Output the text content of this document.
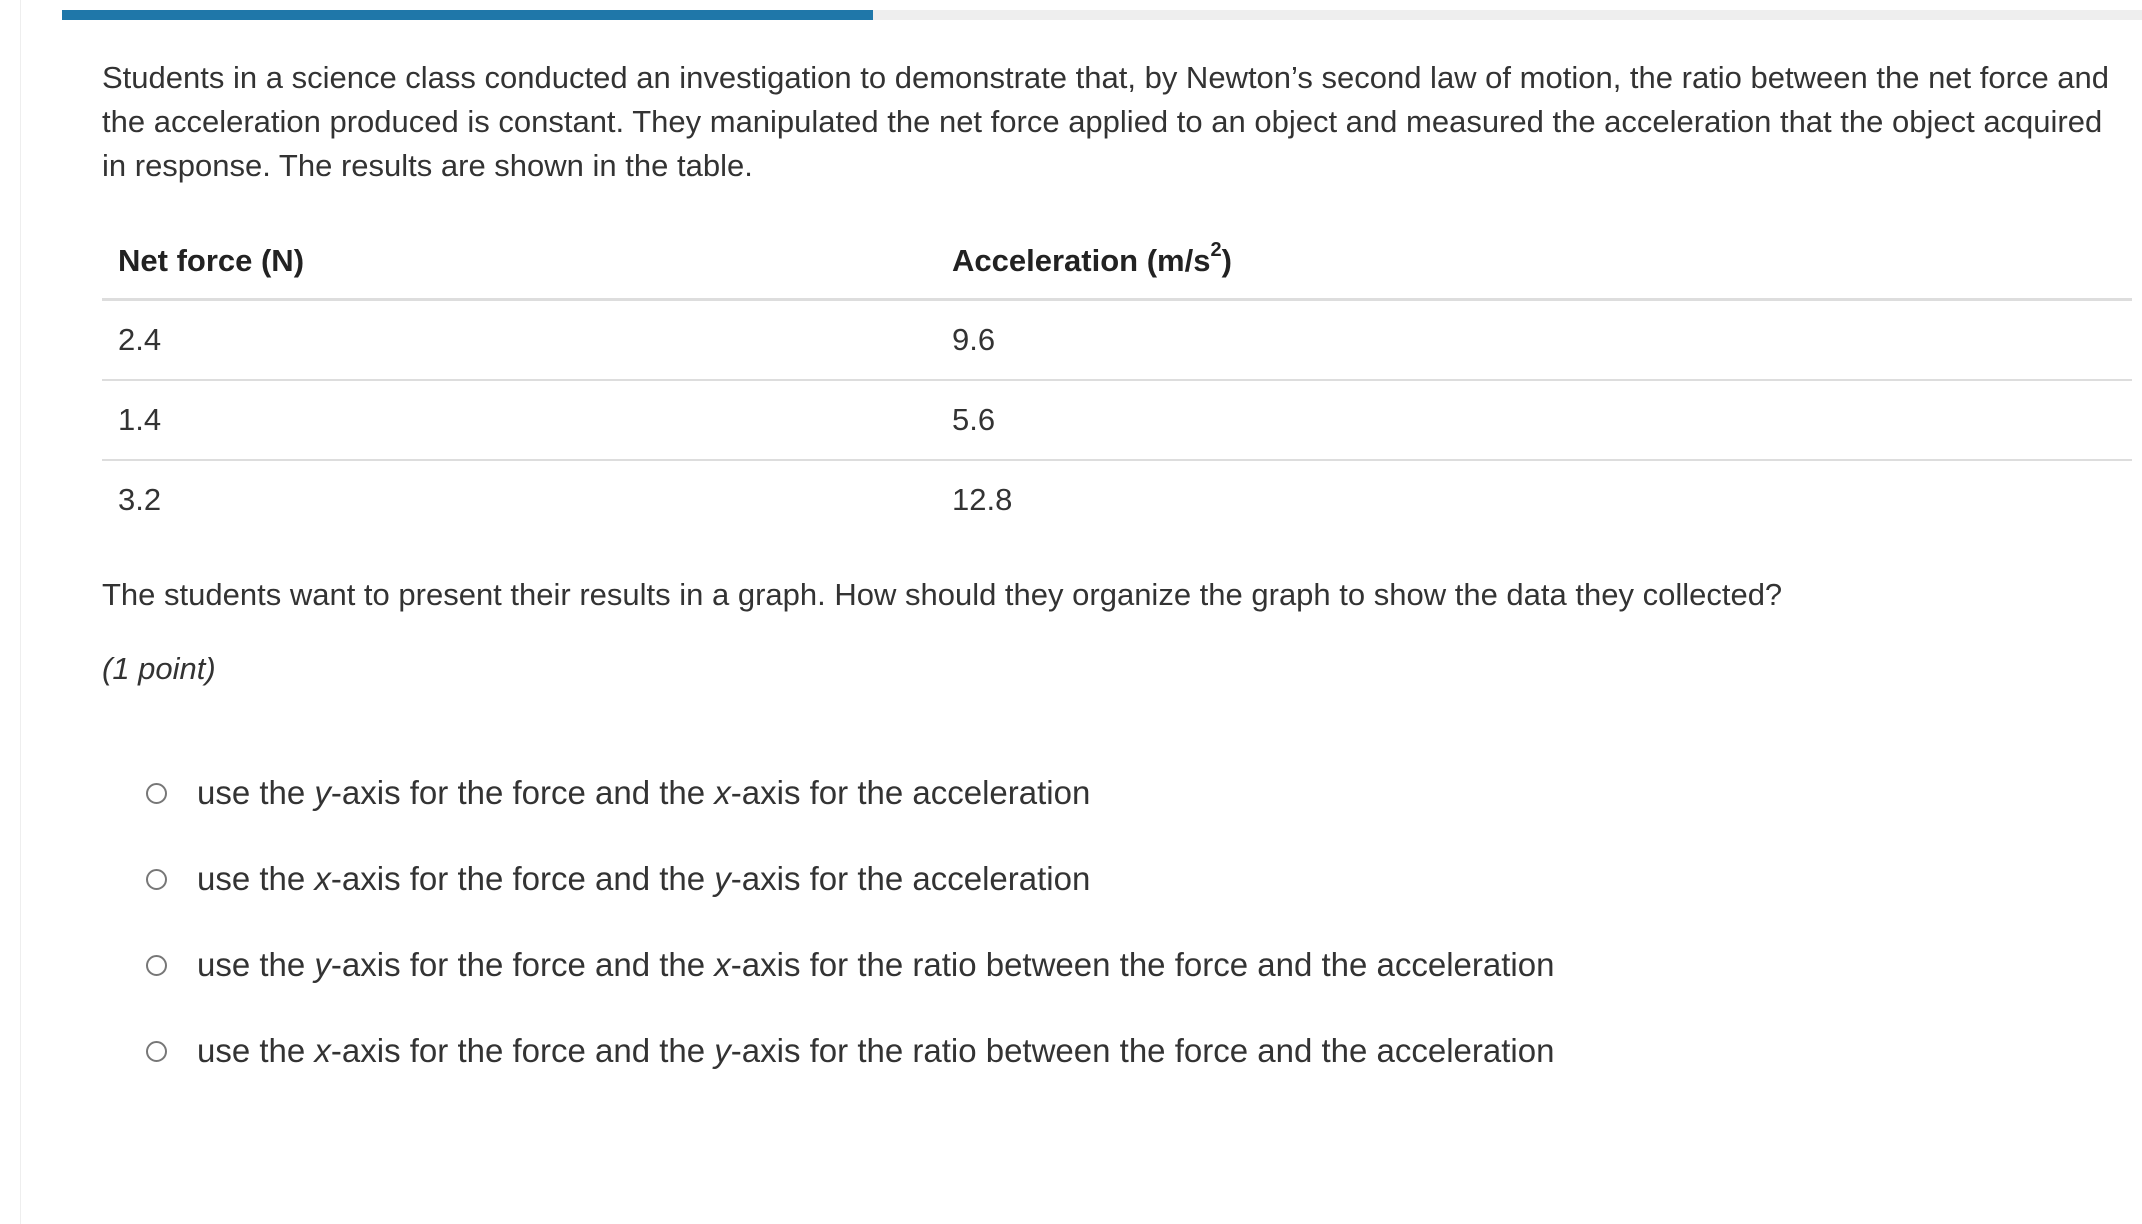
Students in a science class conducted an investigation to demonstrate that, by Newton’s second law of motion, the ratio between the net force and the acceleration produced is constant. They manipulated the net force applied to an object and measured the acceleration that the object acquired in response. The results are shown in the table.

Net force (N)	Acceleration $(m/s^2)$
2.4	9.6
1.4	5.6
3.2	12.8

The students want to present their results in a graph. How should they organize the graph to show the data they collected?

(1 point)

use the y-axis for the force and the x-axis for the acceleration
use the x-axis for the force and the y-axis for the acceleration
use the y-axis for the force and the x-axis for the ratio between the force and the acceleration
use the x-axis for the force and the y-axis for the ratio between the force and the acceleration
